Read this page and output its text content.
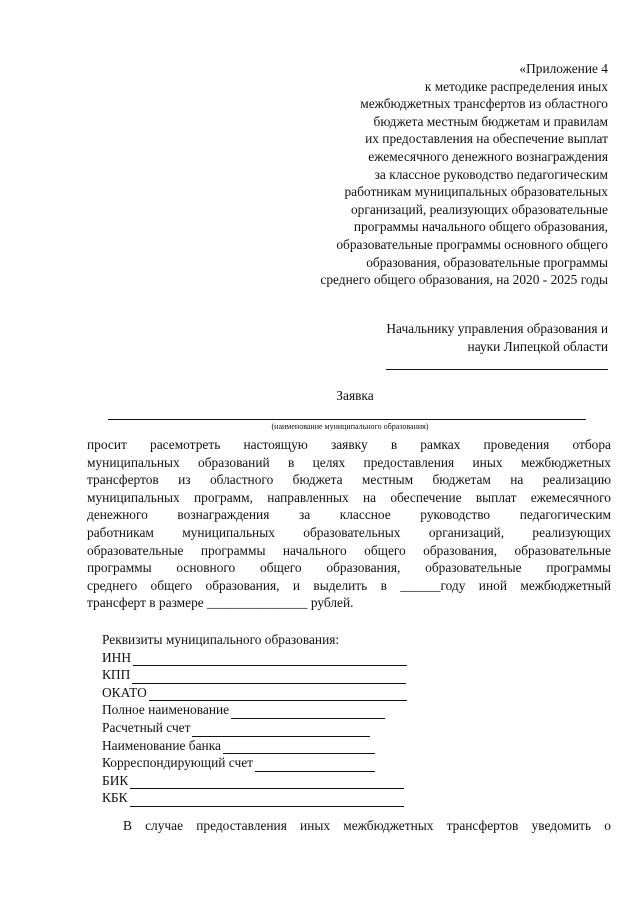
«Приложение 4
к методике распределения иных
межбюджетных трансфертов из областного
бюджета местным бюджетам и правилам
их предоставления на обеспечение выплат
ежемесячного денежного вознаграждения
за классное руководство педагогическим
работникам муниципальных образовательных
организаций, реализующих образовательные
программы начального общего образования,
образовательные программы основного общего
образования, образовательные программы
среднего общего образования, на 2020 - 2025 годы
Начальнику управления образования и
науки Липецкой области
Заявка
(наименование муниципального образования)
просит расемотреть настоящую заявку в рамках проведения отбора
муниципальных образований в целях предоставления иных межбюджетных
трансфертов из областного бюджета местным бюджетам на реализацию
муниципальных программ, направленных на обеспечение выплат ежемесячного
денежного вознаграждения за классное руководство педагогическим
работникам муниципальных образовательных организаций, реализующих
образовательные программы начального общего образования, образовательные
программы основного общего образования, образовательные программы
среднего общего образования, и выделить в ______году иной межбюджетный
трансферт в размере _______________ рублей.
Реквизиты муниципального образования:
ИНН
КПП
ОКАТО
Полное наименование
Расчетный счет
Наименование банка
Корреспондирующий счет
БИК
КБК
В случае предоставления иных межбюджетных трансфертов уведомить о
